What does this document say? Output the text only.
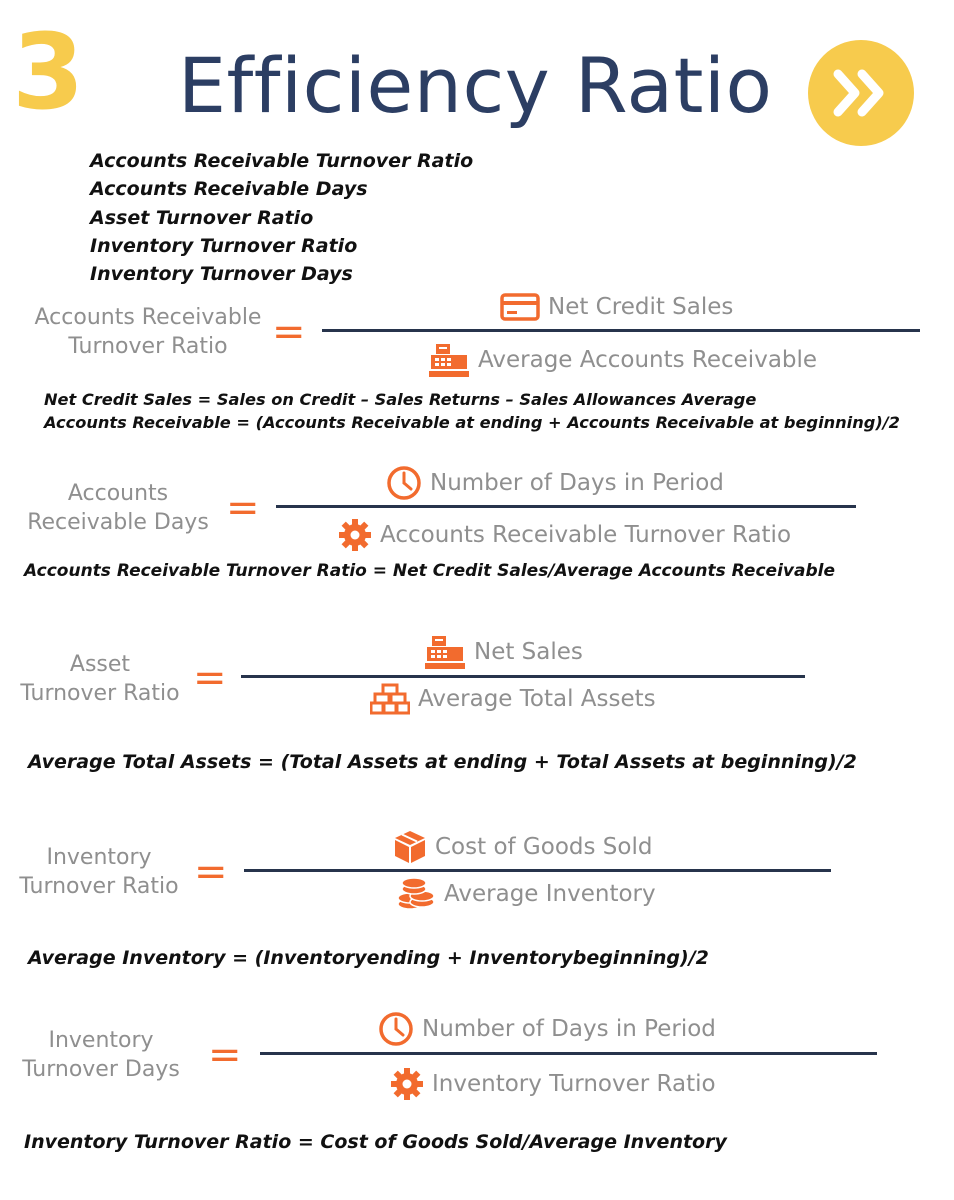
3 Efficiency Ratio
Accounts Receivable Turnover Ratio
Accounts Receivable Days
Asset Turnover Ratio
Inventory Turnover Ratio
Inventory Turnover Days
Accounts Receivable
Turnover Ratio	=
Net Credit Sales
Average Accounts Receivable
Net Credit Sales = Sales on Credit – Sales Returns – Sales Allowances Average
Accounts Receivable = (Accounts Receivable at ending + Accounts Receivable at beginning)/2
Accounts
Receivable Days =
Number of Days in Period
Accounts Receivable Turnover Ratio
Accounts Receivable Turnover Ratio = Net Credit Sales/Average Accounts Receivable
Asset
Turnover Ratio =
Net Sales
Average Total Assets
Average Total Assets = (Total Assets at ending + Total Assets at beginning)/2
Inventory
Turnover Ratio =
Cost of Goods Sold
Average Inventory
Average Inventory = (Inventoryending + Inventorybeginning)/2
Inventory
Turnover Days =
Number of Days in Period
Inventory Turnover Ratio
Inventory Turnover Ratio = Cost of Goods Sold/Average Inventory
